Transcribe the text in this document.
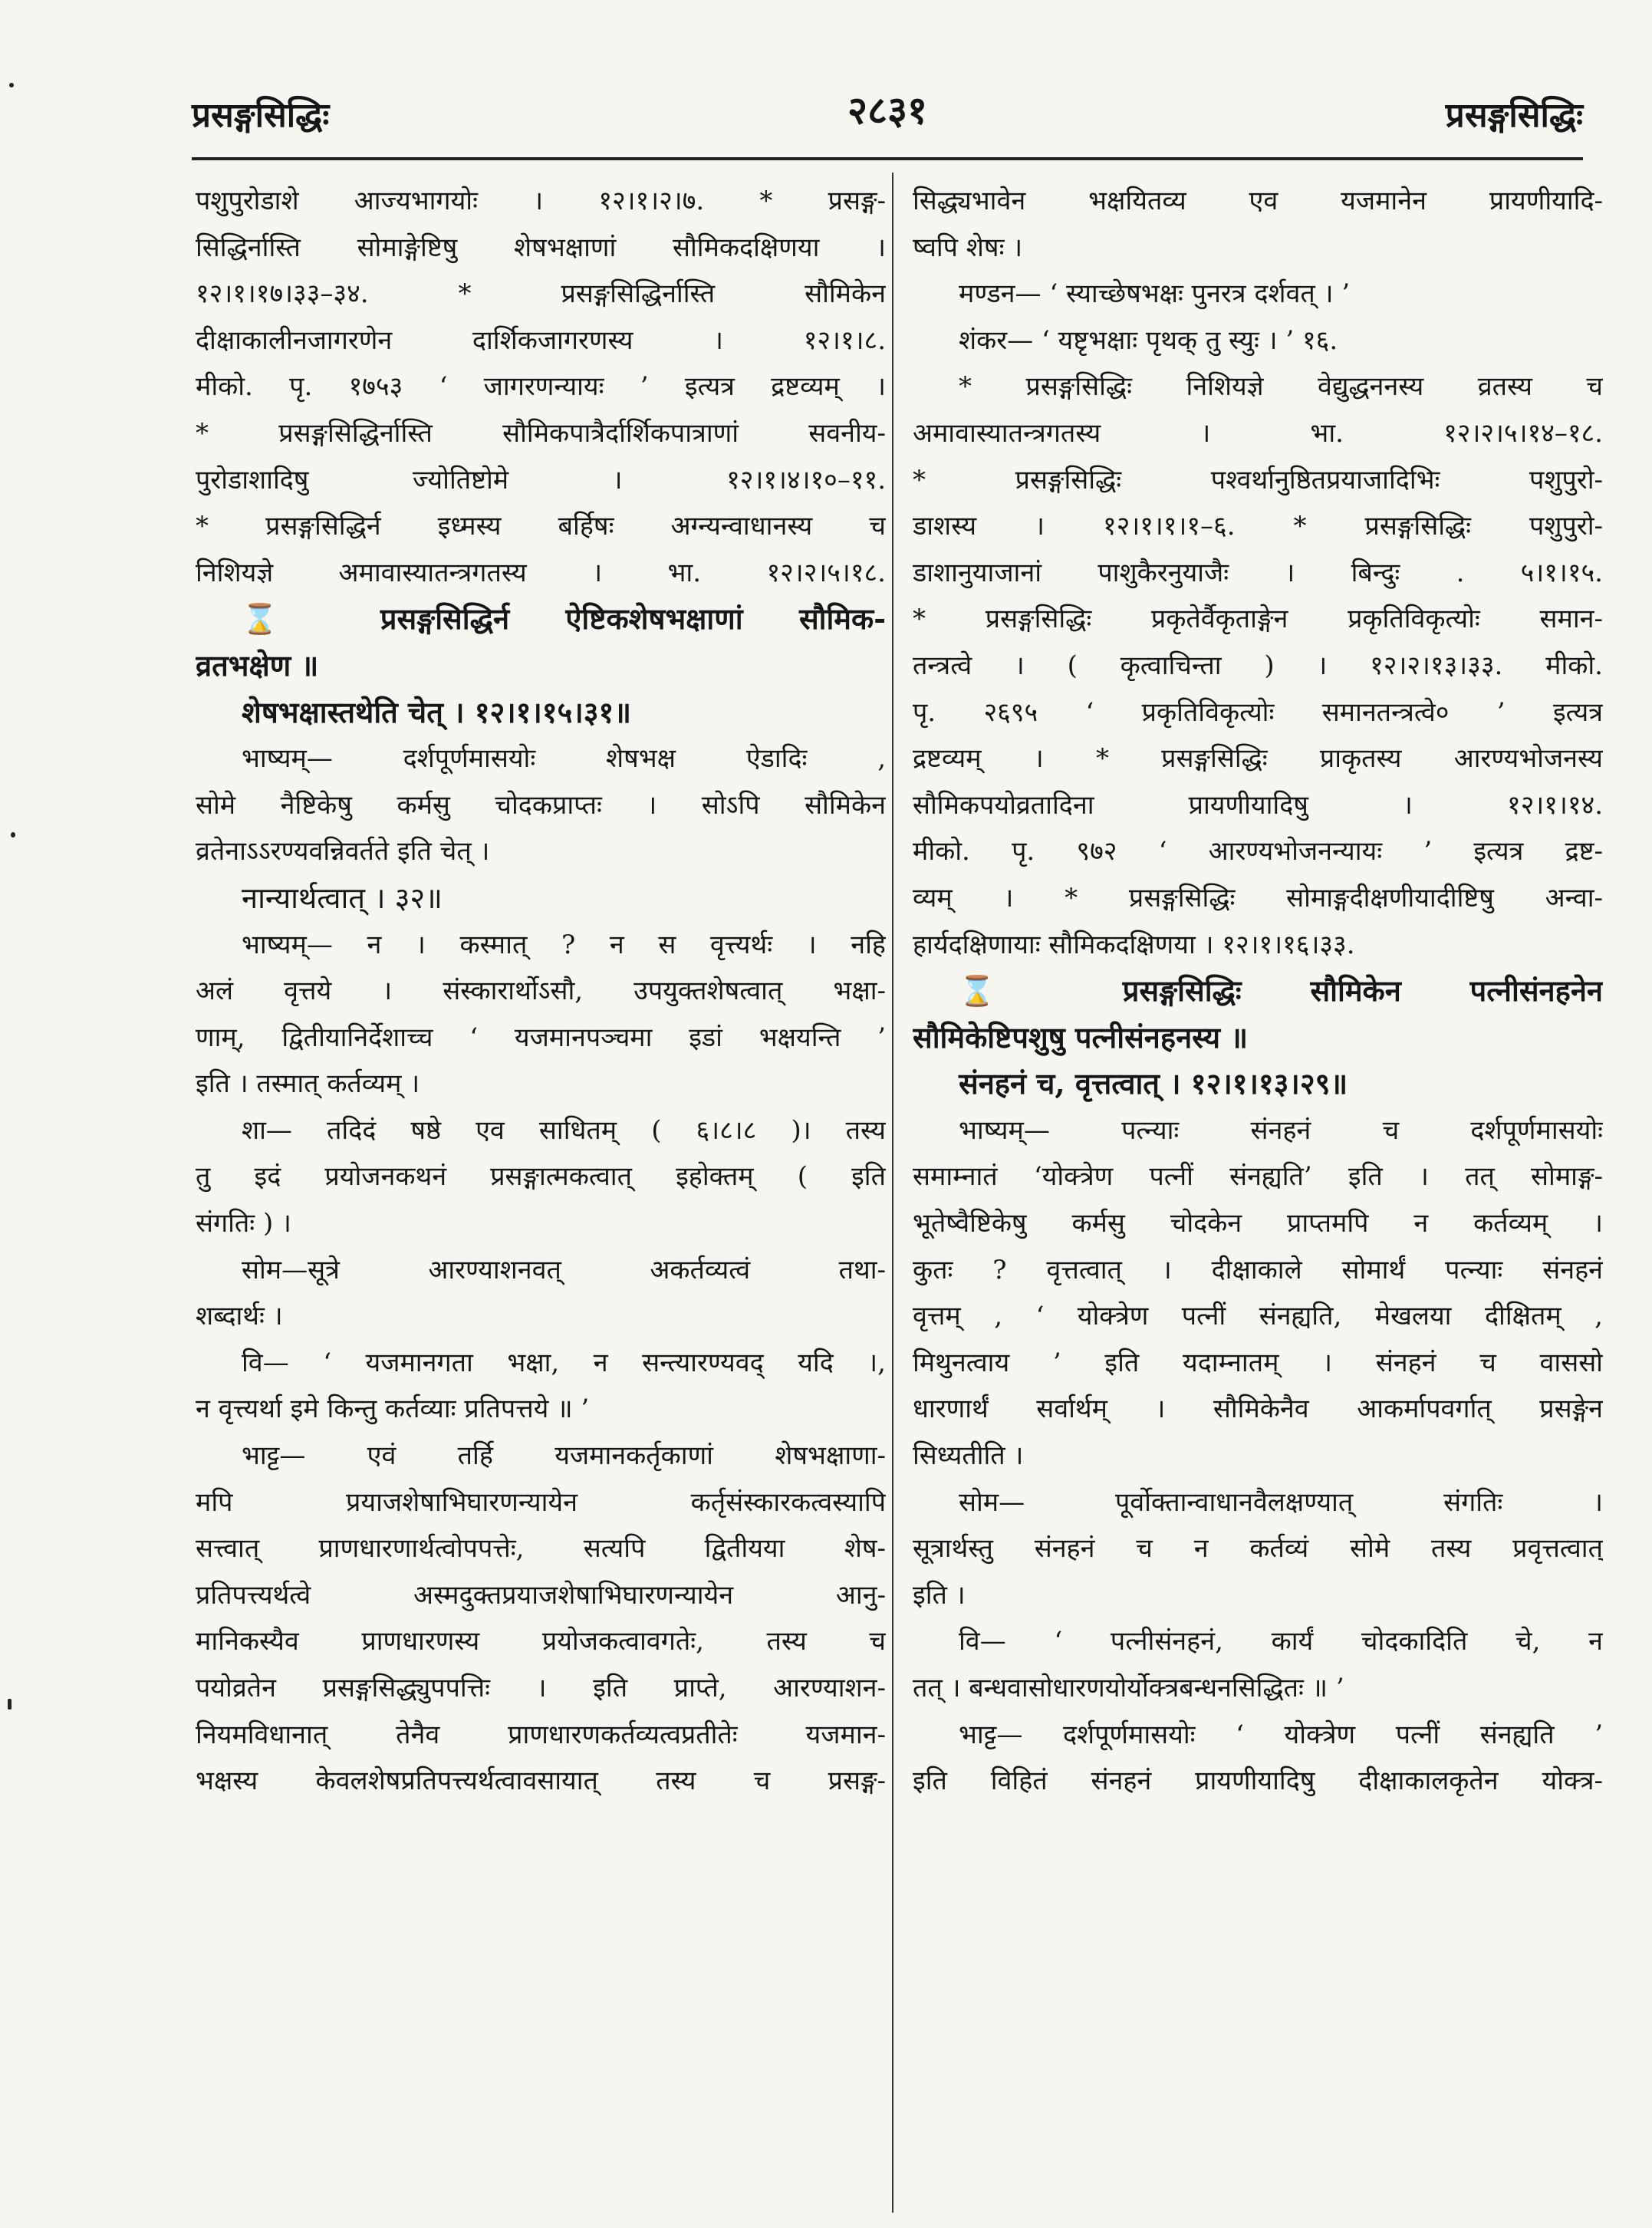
प्रसङ्गसिद्धिः	२८३१	प्रसङ्गसिद्धिः
पशुपुरोडाशे आज्यभागयोः । १२।१।२।७. * प्रसङ्ग-
सिद्धिर्नास्ति सोमाङ्गेष्टिषु शेषभक्षाणां सौमिकदक्षिणया ।
१२।१।१७।३३–३४. * प्रसङ्गसिद्धिर्नास्ति सौमिकेन
दीक्षाकालीनजागरणेन दार्शिकजागरणस्य । १२।१।८.
मीको. पृ. १७५३ ‘ जागरणन्यायः ’ इत्यत्र द्रष्टव्यम् ।
* प्रसङ्गसिद्धिर्नास्ति सौमिकपात्रैर्दार्शिकपात्राणां सवनीय-
पुरोडाशादिषु ज्योतिष्टोमे । १२।१।४।१०–११.
* प्रसङ्गसिद्धिर्न इध्मस्य बर्हिषः अग्न्यन्वाधानस्य च
निशियज्ञे अमावास्यातन्त्रगतस्य । भा. १२।२।५।१८.
⌛ प्रसङ्गसिद्धिर्न ऐष्टिकशेषभक्षाणां सौमिक-
व्रतभक्षेण ॥
शेषभक्षास्तथेति चेत् । १२।१।१५।३१॥
भाष्यम्— दर्शपूर्णमासयोः शेषभक्ष ऐडादिः ,
सोमे नैष्टिकेषु कर्मसु चोदकप्राप्तः । सोऽपि सौमिकेन
व्रतेनाऽऽरण्यवन्निवर्तते इति चेत् ।
नान्यार्थत्वात् । ३२॥
भाष्यम्— न । कस्मात् ? न स वृत्त्यर्थः । नहि
अलं वृत्तये । संस्कारार्थोऽसौ, उपयुक्तशेषत्वात् भक्षा-
णाम्, द्वितीयानिर्देशाच्च ‘ यजमानपञ्चमा इडां भक्षयन्ति ’
इति । तस्मात् कर्तव्यम् ।
शा— तदिदं षष्ठे एव साधितम् ( ६।८।८ )। तस्य
तु इदं प्रयोजनकथनं प्रसङ्गात्मकत्वात् इहोक्तम् ( इति
संगतिः ) ।
सोम—सूत्रे आरण्याशनवत् अकर्तव्यत्वं तथा-
शब्दार्थः ।
वि— ‘ यजमानगता भक्षा, न सन्त्यारण्यवद् यदि ।,
न वृत्त्यर्था इमे किन्तु कर्तव्याः प्रतिपत्तये ॥ ’
भाट्ट— एवं तर्हि यजमानकर्तृकाणां शेषभक्षाणा-
मपि प्रयाजशेषाभिघारणन्यायेन कर्तृसंस्कारकत्वस्यापि
सत्त्वात् प्राणधारणार्थत्वोपपत्तेः, सत्यपि द्वितीयया शेष-
प्रतिपत्त्यर्थत्वे अस्मदुक्तप्रयाजशेषाभिघारणन्यायेन आनु-
मानिकस्यैव प्राणधारणस्य प्रयोजकत्वावगतेः, तस्य च
पयोव्रतेन प्रसङ्गसिद्ध्युपपत्तिः । इति प्राप्ते, आरण्याशन-
नियमविधानात् तेनैव प्राणधारणकर्तव्यत्वप्रतीतेः यजमान-
भक्षस्य केवलशेषप्रतिपत्त्यर्थत्वावसायात् तस्य च प्रसङ्ग-
सिद्ध्यभावेन भक्षयितव्य एव यजमानेन प्रायणीयादि-
ष्वपि शेषः ।
मण्डन— ‘ स्याच्छेषभक्षः पुनरत्र दर्शवत् । ’
शंकर— ‘ यष्टृभक्षाः पृथक् तु स्युः । ’ १६.
* प्रसङ्गसिद्धिः निशियज्ञे वेद्युद्धननस्य व्रतस्य च
अमावास्यातन्त्रगतस्य । भा. १२।२।५।१४–१८.
* प्रसङ्गसिद्धिः पश्वर्थानुष्ठितप्रयाजादिभिः पशुपुरो-
डाशस्य । १२।१।१।१–६. * प्रसङ्गसिद्धिः पशुपुरो-
डाशानुयाजानां पाशुकैरनुयाजैः । बिन्दुः . ५।१।१५.
* प्रसङ्गसिद्धिः प्रकृतेर्वैकृताङ्गेन प्रकृतिविकृत्योः समान-
तन्त्रत्वे । ( कृत्वाचिन्ता ) । १२।२।१३।३३. मीको.
पृ. २६९५ ‘ प्रकृतिविकृत्योः समानतन्त्रत्वे० ’ इत्यत्र
द्रष्टव्यम् । * प्रसङ्गसिद्धिः प्राकृतस्य आरण्यभोजनस्य
सौमिकपयोव्रतादिना प्रायणीयादिषु । १२।१।१४.
मीको. पृ. ९७२ ‘ आरण्यभोजनन्यायः ’ इत्यत्र द्रष्ट-
व्यम् । * प्रसङ्गसिद्धिः सोमाङ्गदीक्षणीयादीष्टिषु अन्वा-
हार्यदक्षिणायाः सौमिकदक्षिणया । १२।१।१६।३३.
⌛ प्रसङ्गसिद्धिः सौमिकेन पत्नीसंनहनेन
सौमिकेष्टिपशुषु पत्नीसंनहनस्य ॥
संनहनं च, वृत्तत्वात् । १२।१।१३।२९॥
भाष्यम्— पत्न्याः संनहनं च दर्शपूर्णमासयोः
समाम्नातं ‘योक्त्रेण पत्नीं संनह्यति’ इति । तत् सोमाङ्ग-
भूतेष्वैष्टिकेषु कर्मसु चोदकेन प्राप्तमपि न कर्तव्यम् ।
कुतः ? वृत्तत्वात् । दीक्षाकाले सोमार्थं पत्न्याः संनहनं
वृत्तम् , ‘ योक्त्रेण पत्नीं संनह्यति, मेखलया दीक्षितम् ,
मिथुनत्वाय ’ इति यदाम्नातम् । संनहनं च वाससो
धारणार्थं सर्वार्थम् । सौमिकेनैव आकर्मापवर्गात् प्रसङ्गेन
सिध्यतीति ।
सोम— पूर्वोक्तान्वाधानवैलक्षण्यात् संगतिः ।
सूत्रार्थस्तु संनहनं च न कर्तव्यं सोमे तस्य प्रवृत्तत्वात्
इति ।
वि— ‘ पत्नीसंनहनं, कार्यं चोदकादिति चे, न
तत् । बन्धवासोधारणयोर्योक्त्रबन्धनसिद्धितः ॥ ’
भाट्ट— दर्शपूर्णमासयोः ‘ योक्त्रेण पत्नीं संनह्यति ’
इति विहितं संनहनं प्रायणीयादिषु दीक्षाकालकृतेन योक्त्र-
